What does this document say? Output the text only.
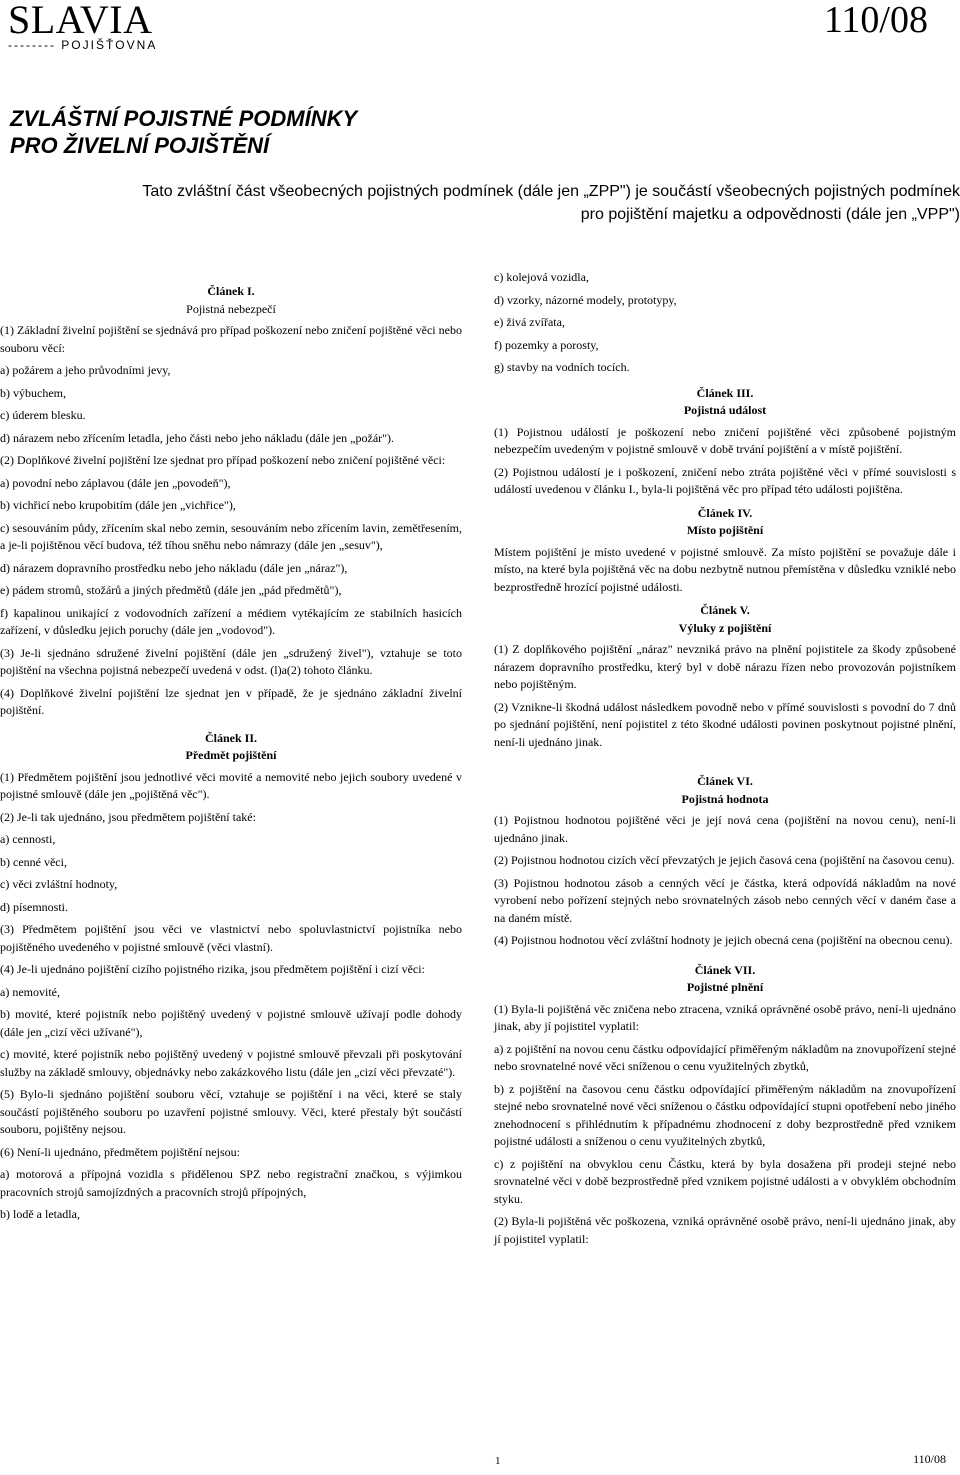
SLAVIA
-------- POJIŠŤOVNA
110/08
ZVLÁŠTNÍ POJISTNÉ PODMÍNKY
PRO ŽIVELNÍ POJIŠTĚNÍ
Tato zvláštní část všeobecných pojistných podmínek (dále jen „ZPP") je součástí všeobecných pojistných podmínek
pro pojištění majetku a odpovědnosti (dále jen „VPP")

Článek I.

Pojistná nebezpečí

(1) Základní živelní pojištění se sjednává pro případ poškození nebo zničení pojištěné věci nebo souboru věcí:

a) požárem a jeho průvodními jevy,

b) výbuchem,

c) úderem blesku.

d) nárazem nebo zřícením letadla, jeho části nebo jeho nákladu (dále jen „požár").

(2) Doplňkové živelní pojištění lze sjednat pro případ poškození nebo zničení pojištěné věci:

a) povodní nebo záplavou (dále jen „povodeň"),

b) vichřicí nebo krupobitím (dále jen „vichřice"),

c) sesouváním půdy, zřícením skal nebo zemin, sesouváním nebo zřícením lavin, zemětřesením, a je-li pojištěnou věcí budova, též tíhou sněhu nebo námrazy (dále jen „sesuv"),

d) nárazem dopravního prostředku nebo jeho nákladu (dále jen „náraz"),

e) pádem stromů, stožárů a jiných předmětů (dále jen „pád předmětů"),

f) kapalinou unikající z vodovodních zařízení a médiem vytékajícím ze stabilních hasicích zařízení, v důsledku jejich poruchy (dále jen „vodovod").

(3) Je-li sjednáno sdružené živelní pojištění (dále jen „sdružený živel"), vztahuje se toto pojištění na všechna pojistná nebezpečí uvedená v odst. (l)a(2) tohoto článku.

(4) Doplňkové živelní pojištění lze sjednat jen v případě, že je sjednáno základní živelní pojištění.

Článek II.

Předmět pojištění

(1) Předmětem pojištění jsou jednotlivé věci movité a nemovité nebo jejich soubory uvedené v pojistné smlouvě (dále jen „pojištěná věc").

(2) Je-li tak ujednáno, jsou předmětem pojištění také:

a) cennosti,

b) cenné věci,

c) věci zvláštní hodnoty,

d) písemnosti.

(3) Předmětem pojištění jsou věci ve vlastnictví nebo spoluvlastnictví pojistníka nebo pojištěného uvedeného v pojistné smlouvě (věci vlastní).

(4) Je-li ujednáno pojištění cizího pojistného rizika, jsou předmětem pojištění i cizí věci:

a) nemovité,

b) movité, které pojistník nebo pojištěný uvedený v pojistné smlouvě užívají podle dohody (dále jen „cizí věci užívané"),

c) movité, které pojistník nebo pojištěný uvedený v pojistné smlouvě převzali při poskytování služby na základě smlouvy, objednávky nebo zakázkového listu (dále jen „cizí věci převzaté").

(5) Bylo-li sjednáno pojištění souboru věcí, vztahuje se pojištění i na věci, které se staly součástí pojištěného souboru po uzavření pojistné smlouvy. Věci, které přestaly být součástí souboru, pojištěny nejsou.

(6) Není-li ujednáno, předmětem pojištění nejsou:

a) motorová a přípojná vozidla s přidělenou SPZ nebo registrační značkou, s výjimkou pracovních strojů samojízdných a pracovních strojů přípojných,

b) lodě a letadla,

c) kolejová vozidla,

d) vzorky, názorné modely, prototypy,

e) živá zvířata,

f) pozemky a porosty,

g) stavby na vodních tocích.

Článek III.

Pojistná událost

(1) Pojistnou událostí je poškození nebo zničení pojištěné věci způsobené pojistným nebezpečím uvedeným v pojistné smlouvě v době trvání pojištění a v místě pojištění.

(2) Pojistnou událostí je i poškození, zničení nebo ztráta pojištěné věci v přímé souvislosti s událostí uvedenou v článku I., byla-li pojištěná věc pro případ této události pojištěna.

Článek IV.

Místo pojištění

Místem pojištění je místo uvedené v pojistné smlouvě. Za místo pojištění se považuje dále i místo, na které byla pojištěná věc na dobu nezbytně nutnou přemístěna v důsledku vzniklé nebo bezprostředně hrozící pojistné události.

Článek V.

Výluky z pojištění

(1) Z doplňkového pojištění „náraz" nevzniká právo na plnění pojistitele za škody způsobené nárazem dopravního prostředku, který byl v době nárazu řízen nebo provozován pojistníkem nebo pojištěným.

(2) Vznikne-li škodná událost následkem povodně nebo v přímé souvislosti s povodní do 7 dnů po sjednání pojištění, není pojistitel z této škodné události povinen poskytnout pojistné plnění, není-li ujednáno jinak.

Článek VI.

Pojistná hodnota

(1) Pojistnou hodnotou pojištěné věci je její nová cena (pojištění na novou cenu), není-li ujednáno jinak.

(2) Pojistnou hodnotou cizích věcí převzatých je jejich časová cena (pojištění na časovou cenu).

(3) Pojistnou hodnotou zásob a cenných věcí je částka, která odpovídá nákladům na nové vyrobení nebo pořízení stejných nebo srovnatelných zásob nebo cenných věcí v daném čase a na daném místě.

(4) Pojistnou hodnotou věcí zvláštní hodnoty je jejich obecná cena (pojištění na obecnou cenu).

Článek VII.

Pojistné plnění

(1) Byla-li pojištěná věc zničena nebo ztracena, vzniká oprávněné osobě právo, není-li ujednáno jinak, aby jí pojistitel vyplatil:

a) z pojištění na novou cenu částku odpovídající přiměřeným nákladům na znovupořízení stejné nebo srovnatelné nové věci sníženou o cenu využitelných zbytků,

b) z pojištění na časovou cenu částku odpovídající přiměřeným nákladům na znovupořízení stejné nebo srovnatelné nové věci sníženou o částku odpovídající stupni opotřebení nebo jiného znehodnocení s přihlédnutím k případnému zhodnocení z doby bezprostředně před vznikem pojistné události a sníženou o cenu využitelných zbytků,

c) z pojištění na obvyklou cenu Částku, která by byla dosažena při prodeji stejné nebo srovnatelné věci v době bezprostředně před vznikem pojistné události a v obvyklém obchodním styku.

(2) Byla-li pojištěná věc poškozena, vzniká oprávněné osobě právo, není-li ujednáno jinak, aby jí pojistitel vyplatil:

1	110/08
